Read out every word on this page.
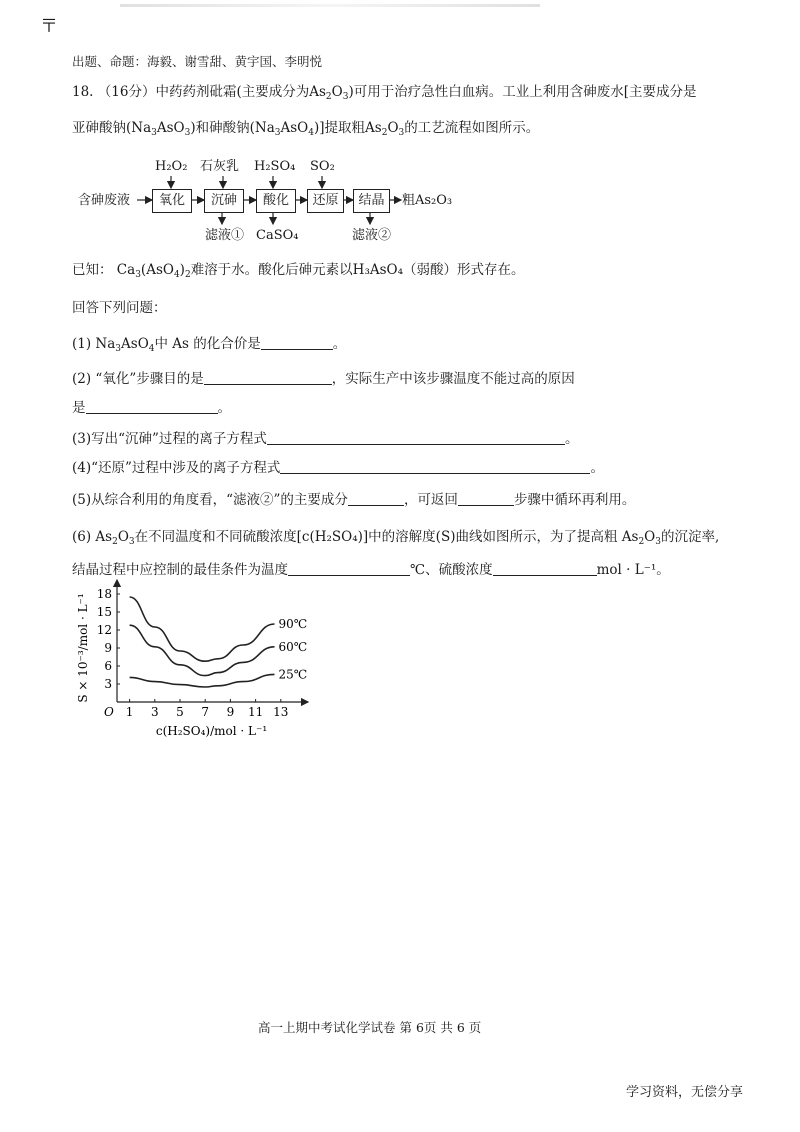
〒
出题、命题：海毅、谢雪甜、黄宇国、李明悦
18. （16分）中药药剂砒霜(主要成分为$As_2O_3$)可用于治疗急性白血病。工业上利用含砷废水[主要成分是
亚砷酸钠$(Na_3AsO_3)$和砷酸钠$(Na_3AsO_4)$]提取粗$As_2O_3$的工艺流程如图所示。
含砷废液	氧化	沉砷	酸化	还原	结晶	粗As₂O₃
H₂O₂ 石灰乳 H₂SO₄ SO₂
滤液① CaSO₄	滤液②
已知： $Ca_3(AsO_4)_2$难溶于水。酸化后砷元素以H₃AsO₄（弱酸）形式存在。
回答下列问题：
(1) $Na_3AsO_4$中 As 的化合价是	。
(2) “氧化”步骤目的是	，实际生产中该步骤温度不能过高的原因
是	。
(3)写出“沉砷”过程的离子方程式	。
(4)“还原”过程中涉及的离子方程式	。
(5)从综合利用的角度看，“滤液②”的主要成分	，可返回	步骤中循环再利用。
(6) $As_2O_3$在不同温度和不同硫酸浓度[c(H₂SO₄)]中的溶解度(S)曲线如图所示，为了提高粗 $As_2O_3$的沉淀率,
结晶过程中应控制的最佳条件为温度	℃、硫酸浓度	mol · L⁻¹。
1 3 5 7 9 11 13
3
6
9
12
15
18
O
c(H₂SO₄)/mol · L⁻¹
S × 10⁻³/mol · L⁻¹	90℃
60℃
25℃
高一上期中考试化学试卷 第 6页 共 6 页
学习资料，无偿分享
